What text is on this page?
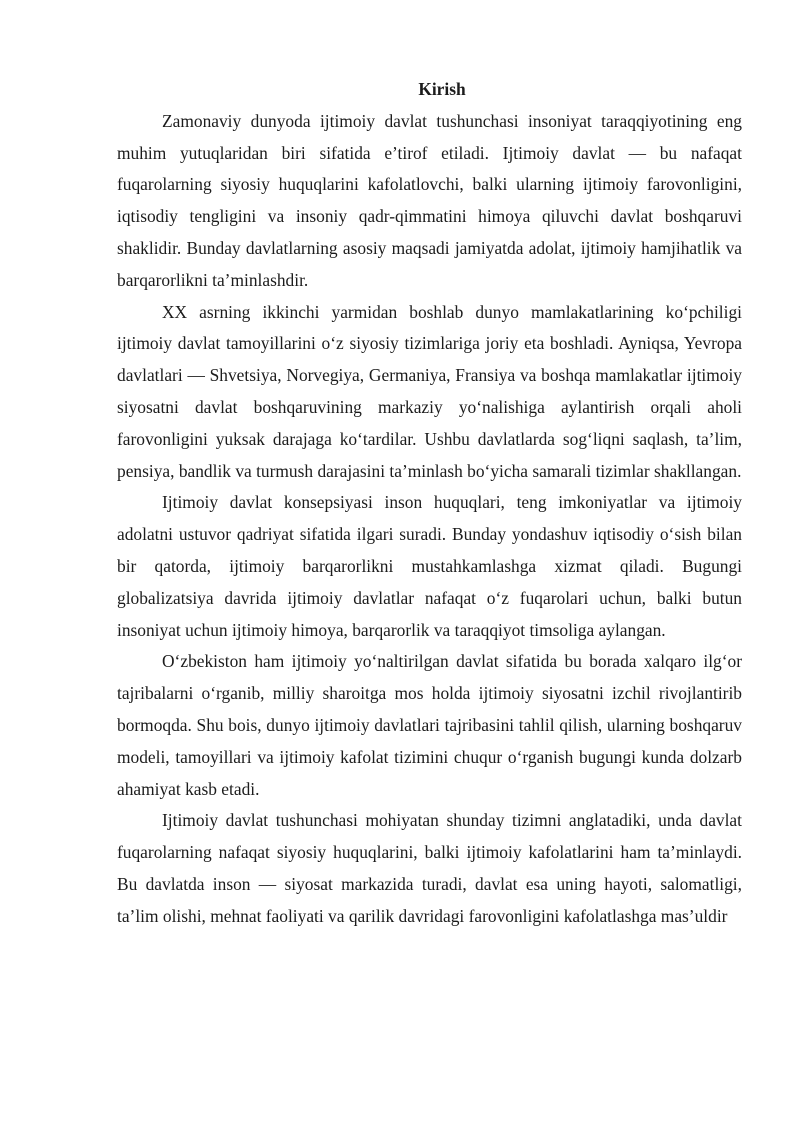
Kirish

Zamonaviy dunyoda ijtimoiy davlat tushunchasi insoniyat taraqqiyotining eng muhim yutuqlaridan biri sifatida e’tirof etiladi. Ijtimoiy davlat — bu nafaqat fuqarolarning siyosiy huquqlarini kafolatlovchi, balki ularning ijtimoiy farovonligini, iqtisodiy tengligini va insoniy qadr-qimmatini himoya qiluvchi davlat boshqaruvi shaklidir. Bunday davlatlarning asosiy maqsadi jamiyatda adolat, ijtimoiy hamjihatlik va barqarorlikni ta’minlashdir.

XX asrning ikkinchi yarmidan boshlab dunyo mamlakatlarining ko‘pchiligi ijtimoiy davlat tamoyillarini o‘z siyosiy tizimlariga joriy eta boshladi. Ayniqsa, Yevropa davlatlari — Shvetsiya, Norvegiya, Germaniya, Fransiya va boshqa mamlakatlar ijtimoiy siyosatni davlat boshqaruvining markaziy yo‘nalishiga aylantirish orqali aholi farovonligini yuksak darajaga ko‘tardilar. Ushbu davlatlarda sog‘liqni saqlash, ta’lim, pensiya, bandlik va turmush darajasini ta’minlash bo‘yicha samarali tizimlar shakllangan.

Ijtimoiy davlat konsepsiyasi inson huquqlari, teng imkoniyatlar va ijtimoiy adolatni ustuvor qadriyat sifatida ilgari suradi. Bunday yondashuv iqtisodiy o‘sish bilan bir qatorda, ijtimoiy barqarorlikni mustahkamlashga xizmat qiladi. Bugungi globalizatsiya davrida ijtimoiy davlatlar nafaqat o‘z fuqarolari uchun, balki butun insoniyat uchun ijtimoiy himoya, barqarorlik va taraqqiyot timsoliga aylangan.

O‘zbekiston ham ijtimoiy yo‘naltirilgan davlat sifatida bu borada xalqaro ilg‘or tajribalarni o‘rganib, milliy sharoitga mos holda ijtimoiy siyosatni izchil rivojlantirib bormoqda. Shu bois, dunyo ijtimoiy davlatlari tajribasini tahlil qilish, ularning boshqaruv modeli, tamoyillari va ijtimoiy kafolat tizimini chuqur o‘rganish bugungi kunda dolzarb ahamiyat kasb etadi.

Ijtimoiy davlat tushunchasi mohiyatan shunday tizimni anglatadiki, unda davlat fuqarolarning nafaqat siyosiy huquqlarini, balki ijtimoiy kafolatlarini ham ta’minlaydi. Bu davlatda inson — siyosat markazida turadi, davlat esa uning hayoti, salomatligi, ta’lim olishi, mehnat faoliyati va qarilik davridagi farovonligini kafolatlashga mas’uldir
